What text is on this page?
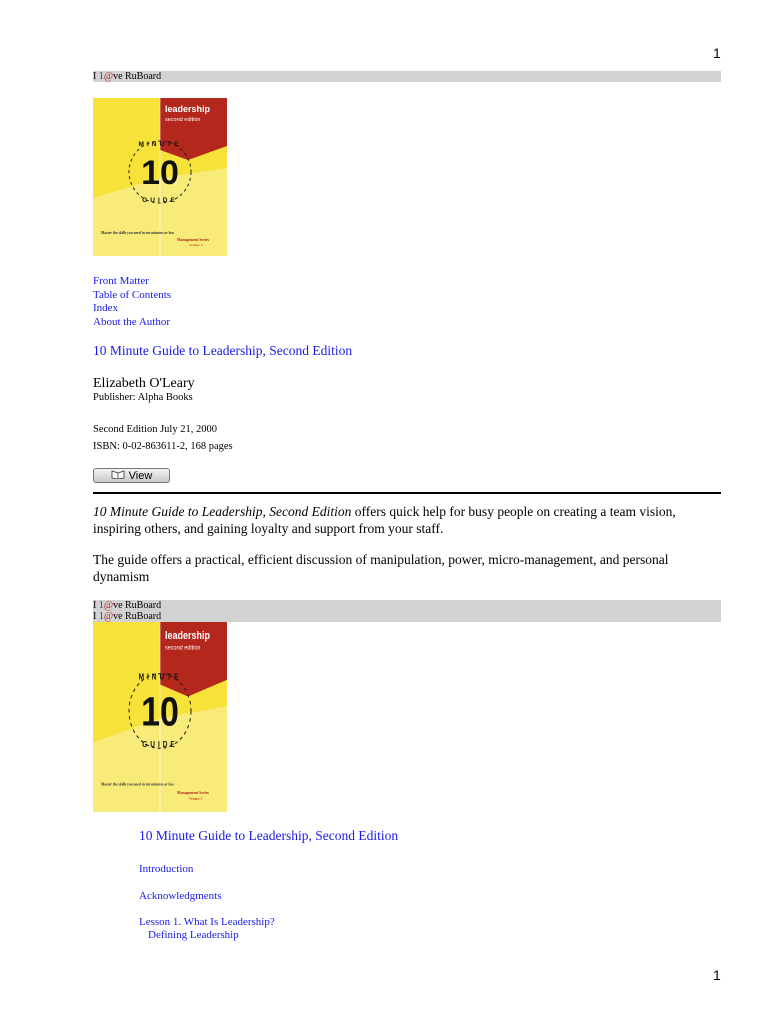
1
1
I 1@ve RuBoard
leadership
second edition
10
MINUTE
GUIDE
Master the skills you need in ten minutes or less
Management Series
Volume 5
Front Matter
Table of Contents
Index
About the Author
10 Minute Guide to Leadership, Second Edition
Elizabeth O'Leary
Publisher: Alpha Books
Second Edition July 21, 2000
ISBN: 0-02-863611-2, 168 pages
View
10 Minute Guide to Leadership, Second Edition offers quick help for busy people on creating a team vision, inspiring others, and gaining loyalty and support from your staff.
The guide offers a practical, efficient discussion of manipulation, power, micro-management, and personal dynamism
I 1@ve RuBoard
I 1@ve RuBoard
leadership
second edition
10
MINUTE
GUIDE
Master the skills you need in ten minutes or less
Management Series
Volume 5
10 Minute Guide to Leadership, Second Edition
Introduction
Acknowledgments
Lesson 1. What Is Leadership?
Defining Leadership
